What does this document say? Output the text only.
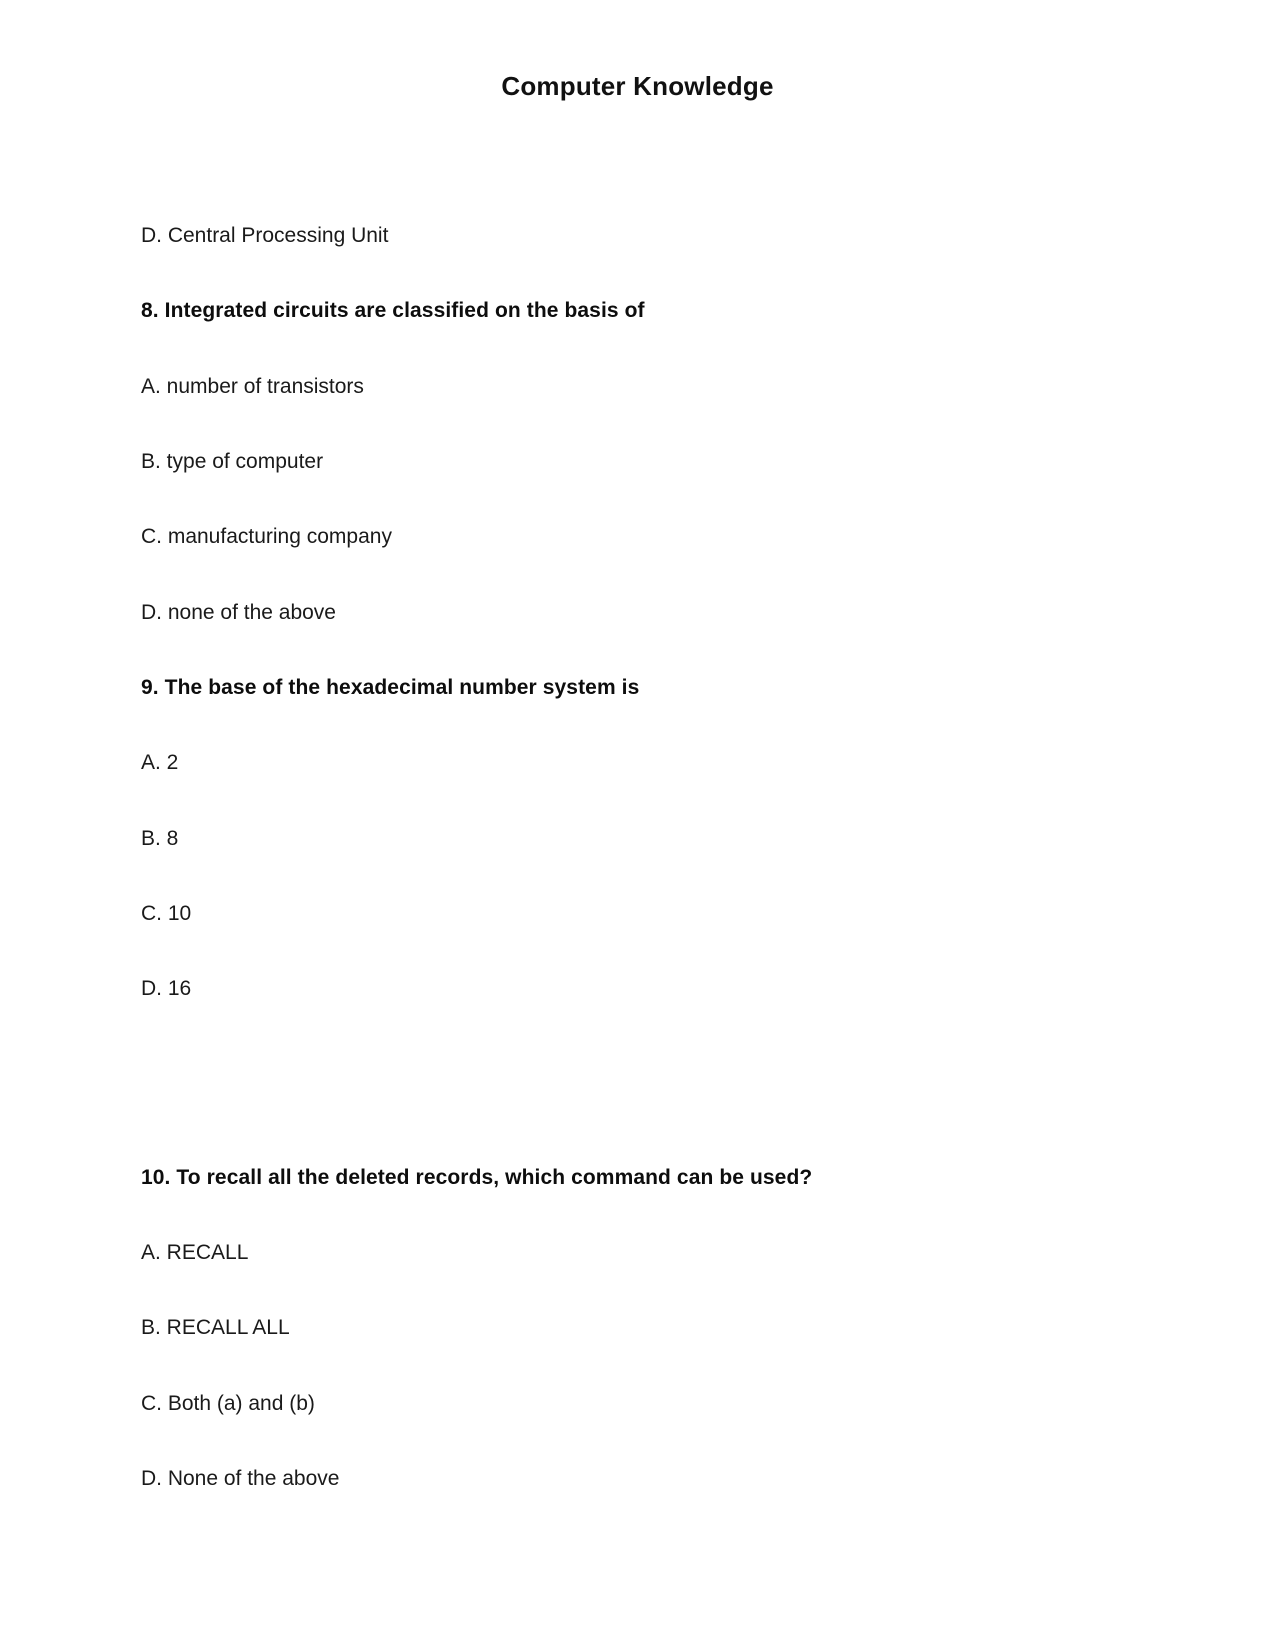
Computer Knowledge

D. Central Processing Unit

8. Integrated circuits are classified on the basis of

A. number of transistors

B. type of computer

C. manufacturing company

D. none of the above

9. The base of the hexadecimal number system is

A. 2

B. 8

C. 10

D. 16

10. To recall all the deleted records, which command can be used?

A. RECALL

B. RECALL ALL

C. Both (a) and (b)

D. None of the above
